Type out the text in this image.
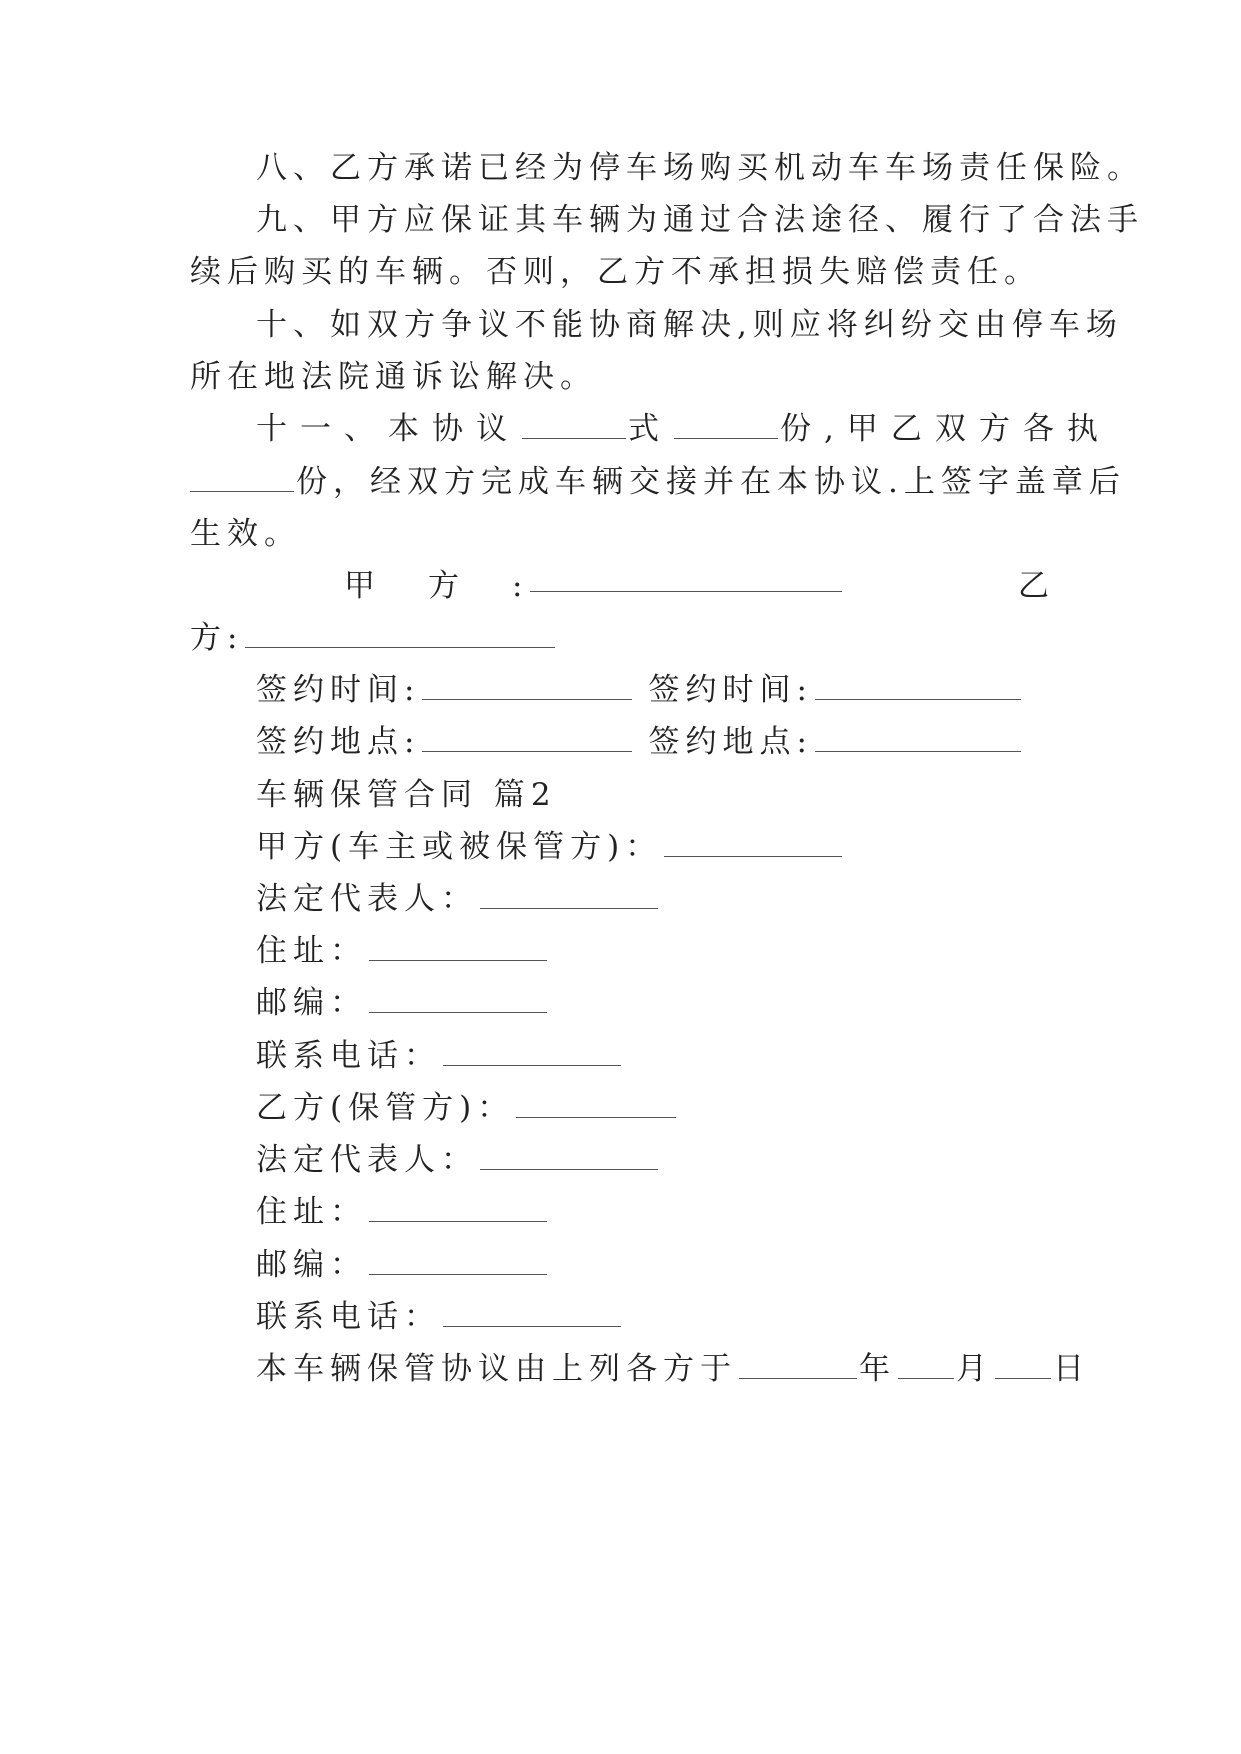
八、乙方承诺已经为停车场购买机动车车场责任保险。
九、甲方应保证其车辆为通过合法途径、履行了合法手
续后购买的车辆。否则，乙方不承担损失赔偿责任。
十、如双方争议不能协商解决,则应将纠纷交由停车场
所在地法院通诉讼解决。
十一、本协议	式	份,甲乙双方各执
份，经双方完成车辆交接并在本协议.上签字盖章后
生效。
甲 方 :	乙
方:
签约时间:	签约时间:
签约地点:	签约地点:
车辆保管合同 篇2
甲方(车主或被保管方)：
法定代表人：
住址：
邮编：
联系电话：
乙方(保管方)：
法定代表人：
住址：
邮编：
联系电话：
本车辆保管协议由上列各方于	年 月 日
